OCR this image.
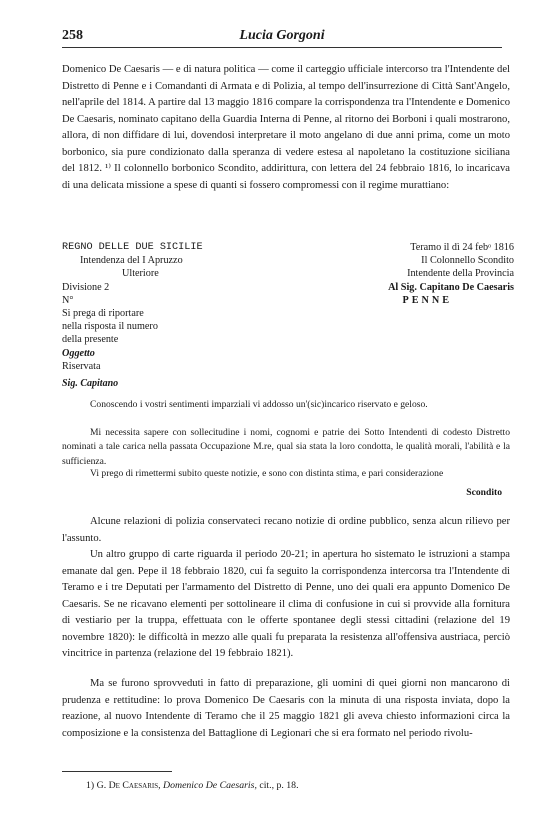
258	Lucia Gorgoni

Domenico De Caesaris — e di natura politica — come il carteggio ufficiale intercorso tra l'Intendente del Distretto di Penne e i Comandanti di Armata e di Polizia, al tempo dell'insurrezione di Città Sant'Angelo, nell'aprile del 1814. A partire dal 13 maggio 1816 compare la corrispondenza tra l'Intendente e Domenico De Caesaris, nominato capitano della Guardia Interna di Penne, al ritorno dei Borboni i quali mostrarono, allora, di non diffidare di lui, dovendosi interpretare il moto angelano di due anni prima, come un moto borbonico, sia pure condizionato dalla speranza di vedere estesa al napoletano la costituzione siciliana del 1812. ¹⁾ Il colonnello borbonico Scondito, addirittura, con lettera del 24 febbraio 1816, lo incaricava di una delicata missione a spese di quanti si fossero compromessi con il regime murattiano:

REGNO DELLE DUE SICILIE
Intendenza del I Apruzzo
Ulteriore
Divisione 2
N°
Si prega di riportare
nella risposta il numero
della presente
Oggetto
Riservata
Teramo il dì 24 febᵒ 1816
Il Colonnello Scondito
Intendente della Provincia
Al Sig. Capitano De Caesaris
PENNE
Sig. Capitano
Conoscendo i vostri sentimenti imparziali vi addosso un'(sic)incarico riservato e geloso.
Mi necessita sapere con sollecitudine i nomi, cognomi e patrie dei Sotto Intendenti di codesto Distretto nominati a tale carica nella passata Occupazione M.re, qual sia stata la loro condotta, le qualità morali, l'abilità e la sufficienza.
Vi prego di rimettermi subito queste notizie, e sono con distinta stima, e pari considerazione
Scondito

Alcune relazioni di polizia conservateci recano notizie di ordine pubblico, senza alcun rilievo per l'assunto.

Un altro gruppo di carte riguarda il periodo 20-21; in apertura ho sistemato le istruzioni a stampa emanate dal gen. Pepe il 18 febbraio 1820, cui fa seguito la corrispondenza intercorsa tra l'Intendente di Teramo e i tre Deputati per l'armamento del Distretto di Penne, uno dei quali era appunto Domenico De Caesaris. Se ne ricavano elementi per sottolineare il clima di confusione in cui si provvide alla fornitura di vestiario per la truppa, effettuata con le offerte spontanee degli stessi cittadini (relazione del 19 novembre 1820): le difficoltà in mezzo alle quali fu preparata la resistenza all'offensiva austriaca, perciò vincitrice in partenza (relazione del 19 febbraio 1821).

Ma se furono sprovveduti in fatto di preparazione, gli uomini di quei giorni non mancarono di prudenza e rettitudine: lo prova Domenico De Caesaris con la minuta di una risposta inviata, dopo la reazione, al nuovo Intendente di Teramo che il 25 maggio 1821 gli aveva chiesto informazioni circa la composizione e la consistenza del Battaglione di Legionari che si era formato nel periodo rivolu-

1) G. De Caesaris, Domenico De Caesaris, cit., p. 18.
